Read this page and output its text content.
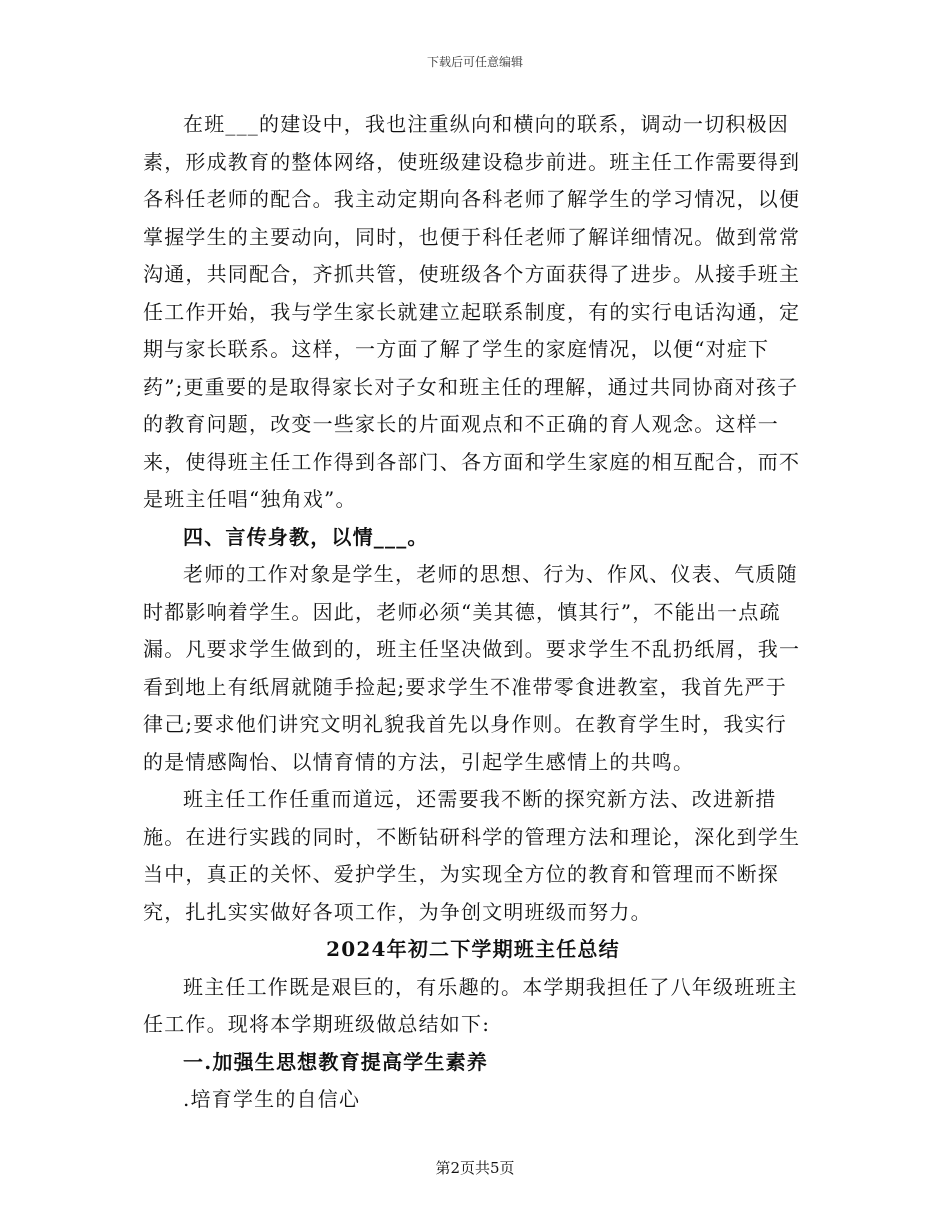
下载后可任意编辑

在班___的建设中，我也注重纵向和横向的联系，调动一切积极因素，形成教育的整体网络，使班级建设稳步前进。班主任工作需要得到各科任老师的配合。我主动定期向各科老师了解学生的学习情况，以便掌握学生的主要动向，同时，也便于科任老师了解详细情况。做到常常沟通，共同配合，齐抓共管，使班级各个方面获得了进步。从接手班主任工作开始，我与学生家长就建立起联系制度，有的实行电话沟通，定期与家长联系。这样，一方面了解了学生的家庭情况，以便“对症下药”;更重要的是取得家长对子女和班主任的理解，通过共同协商对孩子的教育问题，改变一些家长的片面观点和不正确的育人观念。这样一来，使得班主任工作得到各部门、各方面和学生家庭的相互配合，而不是班主任唱“独角戏”。

四、言传身教，以情___。

老师的工作对象是学生，老师的思想、行为、作风、仪表、气质随时都影响着学生。因此，老师必须“美其德，慎其行”，不能出一点疏漏。凡要求学生做到的，班主任坚决做到。要求学生不乱扔纸屑，我一看到地上有纸屑就随手捡起;要求学生不准带零食进教室，我首先严于律己;要求他们讲究文明礼貌我首先以身作则。在教育学生时，我实行的是情感陶怡、以情育情的方法，引起学生感情上的共鸣。

班主任工作任重而道远，还需要我不断的探究新方法、改进新措施。在进行实践的同时，不断钻研科学的管理方法和理论，深化到学生当中，真正的关怀、爱护学生，为实现全方位的教育和管理而不断探究，扎扎实实做好各项工作，为争创文明班级而努力。

2024年初二下学期班主任总结

班主任工作既是艰巨的，有乐趣的。本学期我担任了八年级班班主任工作。现将本学期班级做总结如下:

一.加强生思想教育提高学生素养

.培育学生的自信心

第2页共5页
